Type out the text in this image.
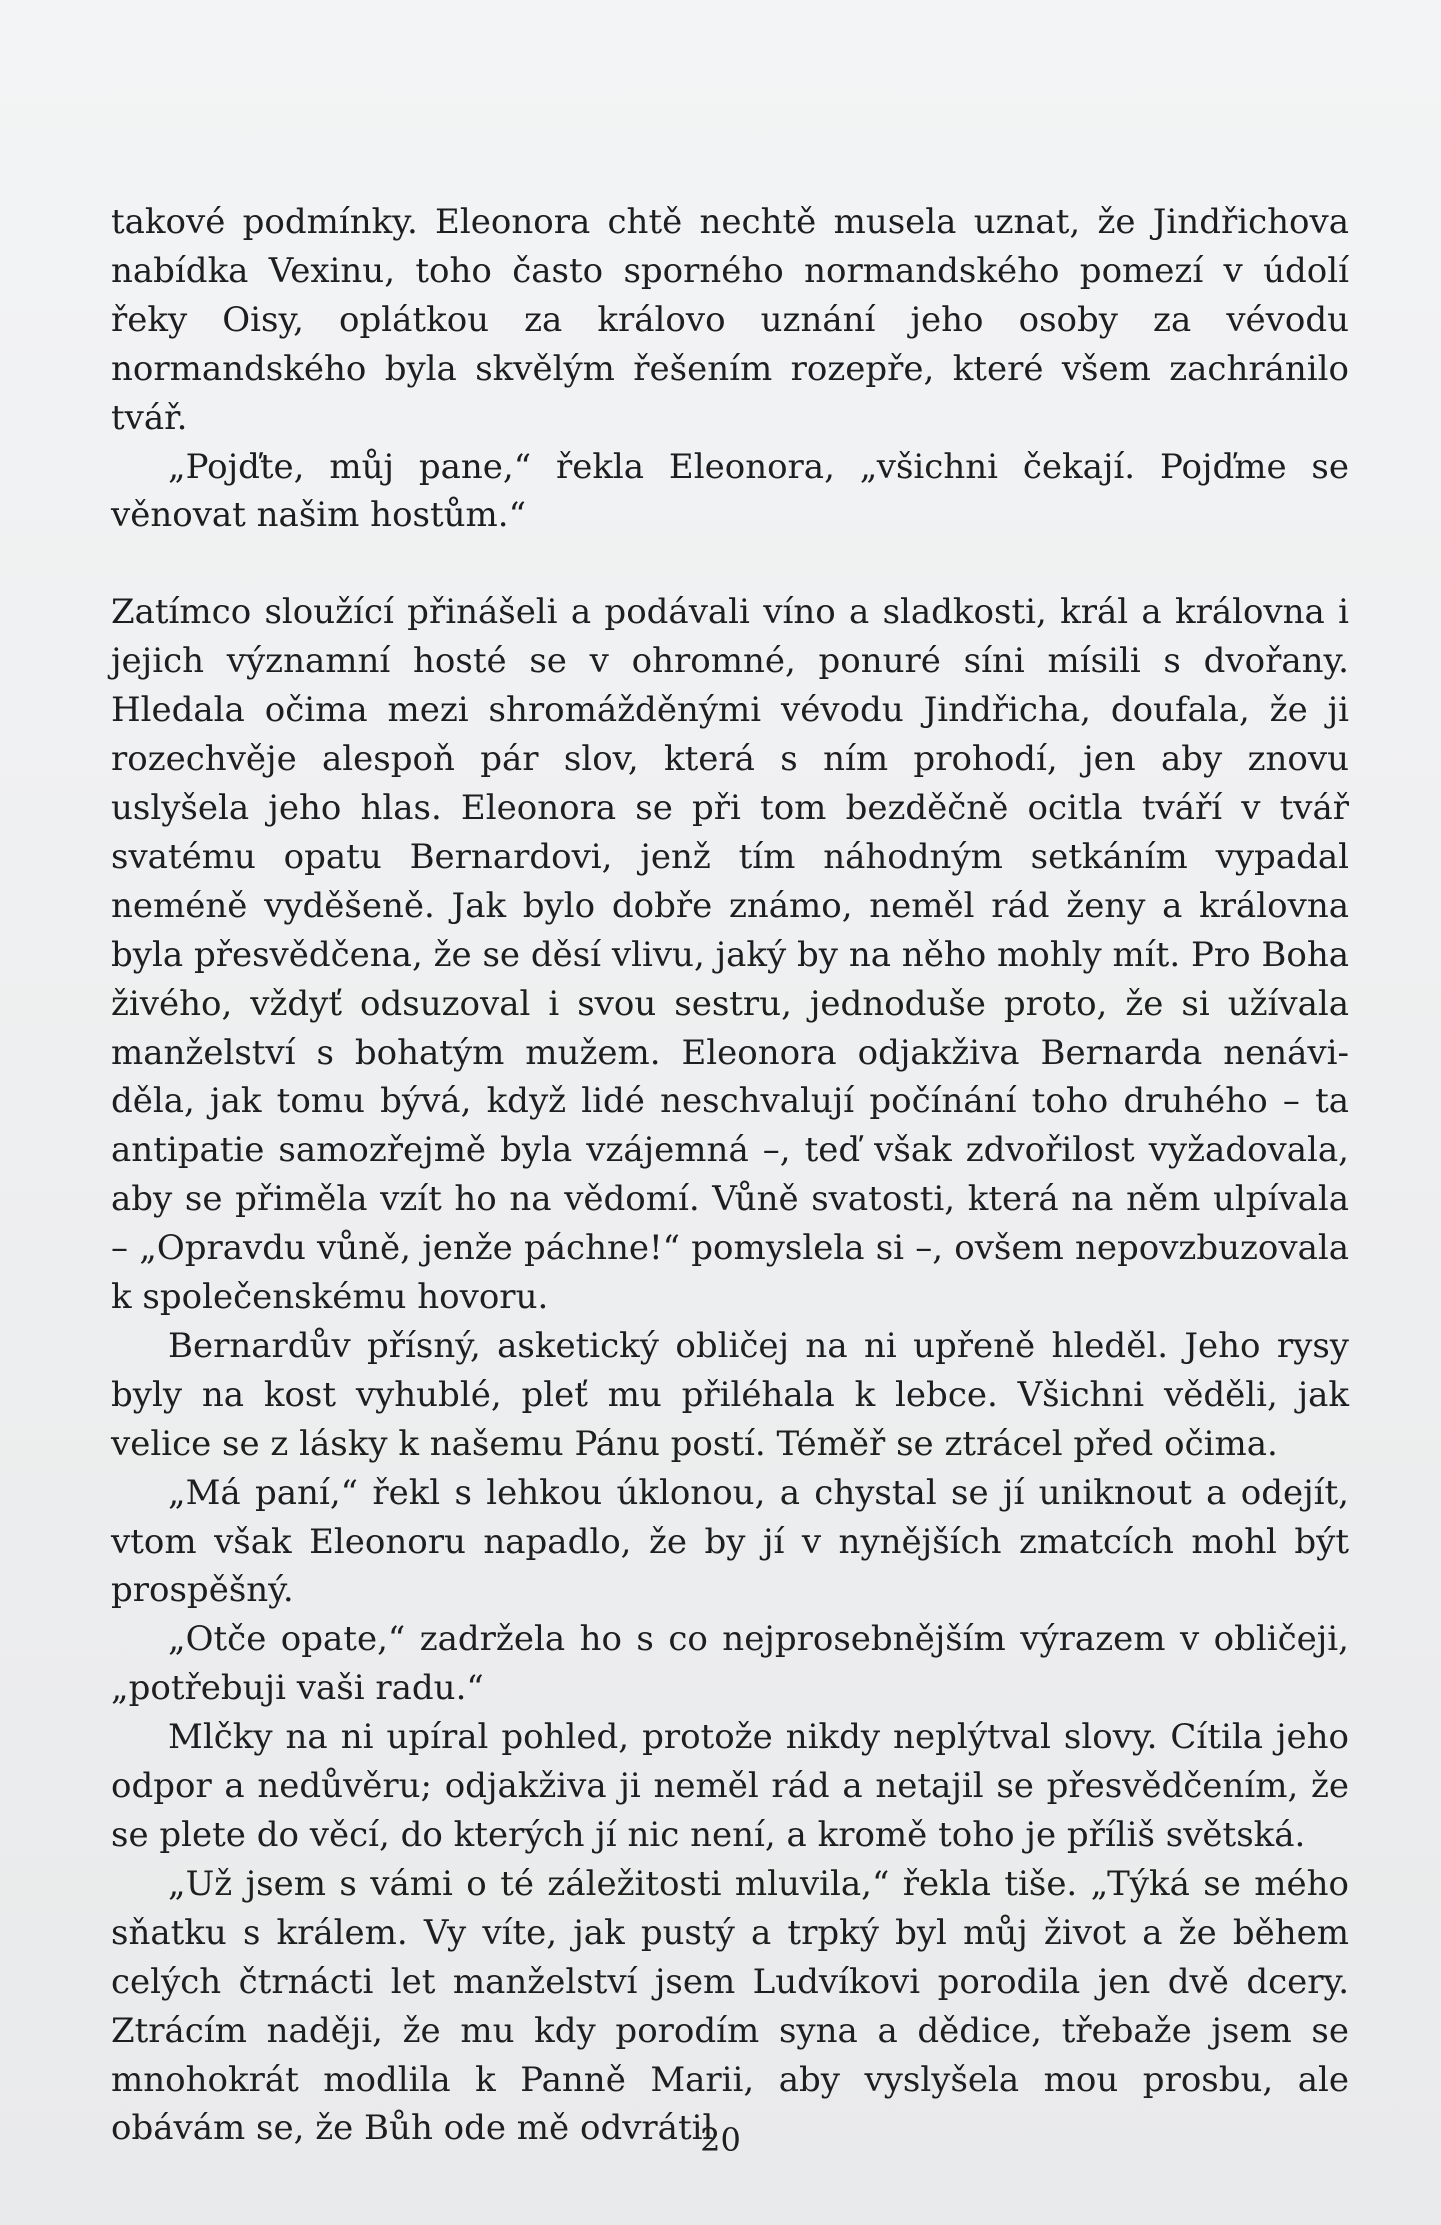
takové podmínky. Eleonora chtě nechtě musela uznat, že Jindřichova nabídka Vexinu, toho často sporného normandského pomezí v údolí řeky Oisy, oplátkou za královo uznání jeho osoby za vévodu normandského byla skvělým řešením rozepře, které všem zachránilo tvář.

„Pojďte, můj pane,“ řekla Eleonora, „všichni čekají. Pojďme se věnovat našim hostům.“

Zatímco sloužící přinášeli a podávali víno a sladkosti, král a královna i jejich významní hosté se v ohromné, ponuré síni mísili s dvořany. Hledala očima mezi shromážděnými vévodu Jindřicha, doufala, že ji rozechvěje alespoň pár slov, která s ním prohodí, jen aby znovu uslyšela jeho hlas. Eleonora se při tom bezděčně ocitla tváří v tvář svatému opatu Bernardovi, jenž tím náhodným setkáním vypadal neméně vyděšeně. Jak bylo dobře známo, neměl rád ženy a královna byla přesvědčena, že se děsí vlivu, jaký by na něho mohly mít. Pro Boha živého, vždyť odsuzoval i svou sestru, jednoduše proto, že si užívala manželství s bohatým mužem. Eleonora odjakživa Bernarda nenáviděla, jak tomu bývá, když lidé neschvalují počínání toho druhého – ta antipatie samozřejmě byla vzájemná –, teď však zdvořilost vyžadovala, aby se přiměla vzít ho na vědomí. Vůně svatosti, která na něm ulpívala – „Opravdu vůně, jenže páchne!“ pomyslela si –, ovšem nepovzbuzovala k společenskému hovoru.

Bernardův přísný, asketický obličej na ni upřeně hleděl. Jeho rysy byly na kost vyhublé, pleť mu přiléhala k lebce. Všichni věděli, jak velice se z lásky k našemu Pánu postí. Téměř se ztrácel před očima.

„Má paní,“ řekl s lehkou úklonou, a chystal se jí uniknout a odejít, vtom však Eleonoru napadlo, že by jí v nynějších zmatcích mohl být prospěšný.

„Otče opate,“ zadržela ho s co nejprosebnějším výrazem v obličeji, „potřebuji vaši radu.“

Mlčky na ni upíral pohled, protože nikdy neplýtval slovy. Cítila jeho odpor a nedůvěru; odjakživa ji neměl rád a netajil se přesvědčením, že se plete do věcí, do kterých jí nic není, a kromě toho je příliš světská.

„Už jsem s vámi o té záležitosti mluvila,“ řekla tiše. „Týká se mého sňatku s králem. Vy víte, jak pustý a trpký byl můj život a že během celých čtrnácti let manželství jsem Ludvíkovi porodila jen dvě dcery. Ztrácím naději, že mu kdy porodím syna a dědice, třebaže jsem se mnohokrát modlila k Panně Marii, aby vyslyšela mou prosbu, ale obávám se, že Bůh ode mě odvrátil

20
